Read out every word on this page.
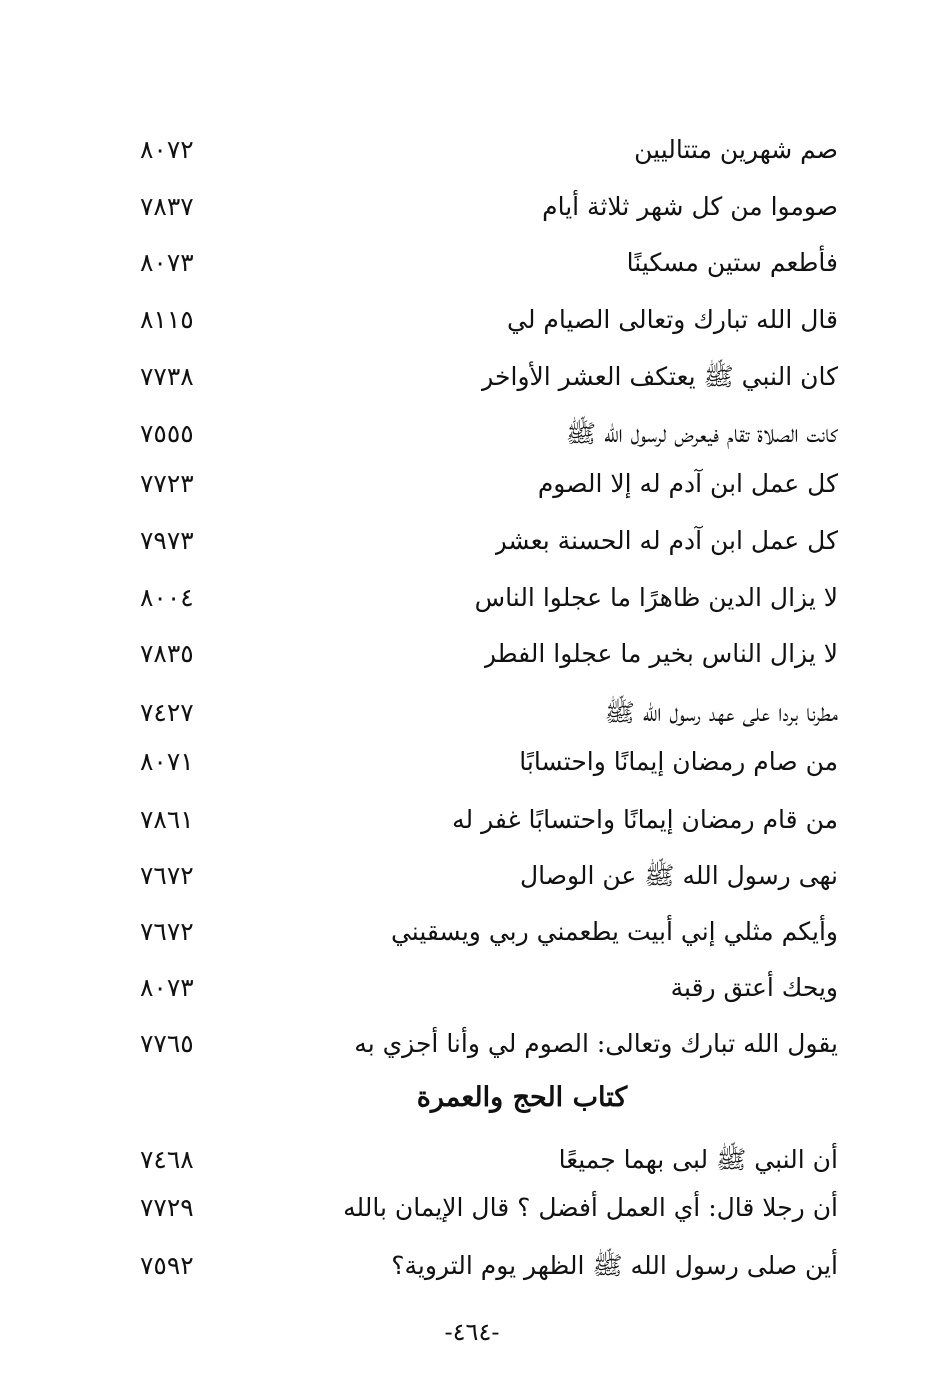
صم شهرين متتاليين
٨٠٧٢
صوموا من كل شهر ثلاثة أيام
٧٨٣٧
فأطعم ستين مسكينًا
٨٠٧٣
قال الله تبارك وتعالى الصيام لي
٨١١٥
كان النبي ﷺ يعتكف العشر الأواخر
٧٧٣٨
كانت الصلاة تقام فيعرض لرسول الله ﷺ
٧٥٥٥
كل عمل ابن آدم له إلا الصوم
٧٧٢٣
كل عمل ابن آدم له الحسنة بعشر
٧٩٧٣
لا يزال الدين ظاهرًا ما عجلوا الناس
٨٠٠٤
لا يزال الناس بخير ما عجلوا الفطر
٧٨٣٥
مطرنا بردا على عهد رسول الله ﷺ
٧٤٢٧
من صام رمضان إيمانًا واحتسابًا
٨٠٧١
من قام رمضان إيمانًا واحتسابًا غفر له
٧٨٦١
نهى رسول الله ﷺ عن الوصال
٧٦٧٢
وأيكم مثلي إني أبيت يطعمني ربي ويسقيني
٧٦٧٢
ويحك أعتق رقبة
٨٠٧٣
يقول الله تبارك وتعالى: الصوم لي وأنا أجزي به
٧٧٦٥
كتاب الحج والعمرة
أن النبي ﷺ لبى بهما جميعًا
٧٤٦٨
أن رجلا قال: أي العمل أفضل ؟ قال الإيمان بالله
٧٧٢٩
أين صلى رسول الله ﷺ الظهر يوم التروية؟
٧٥٩٢
-٤٦٤-
